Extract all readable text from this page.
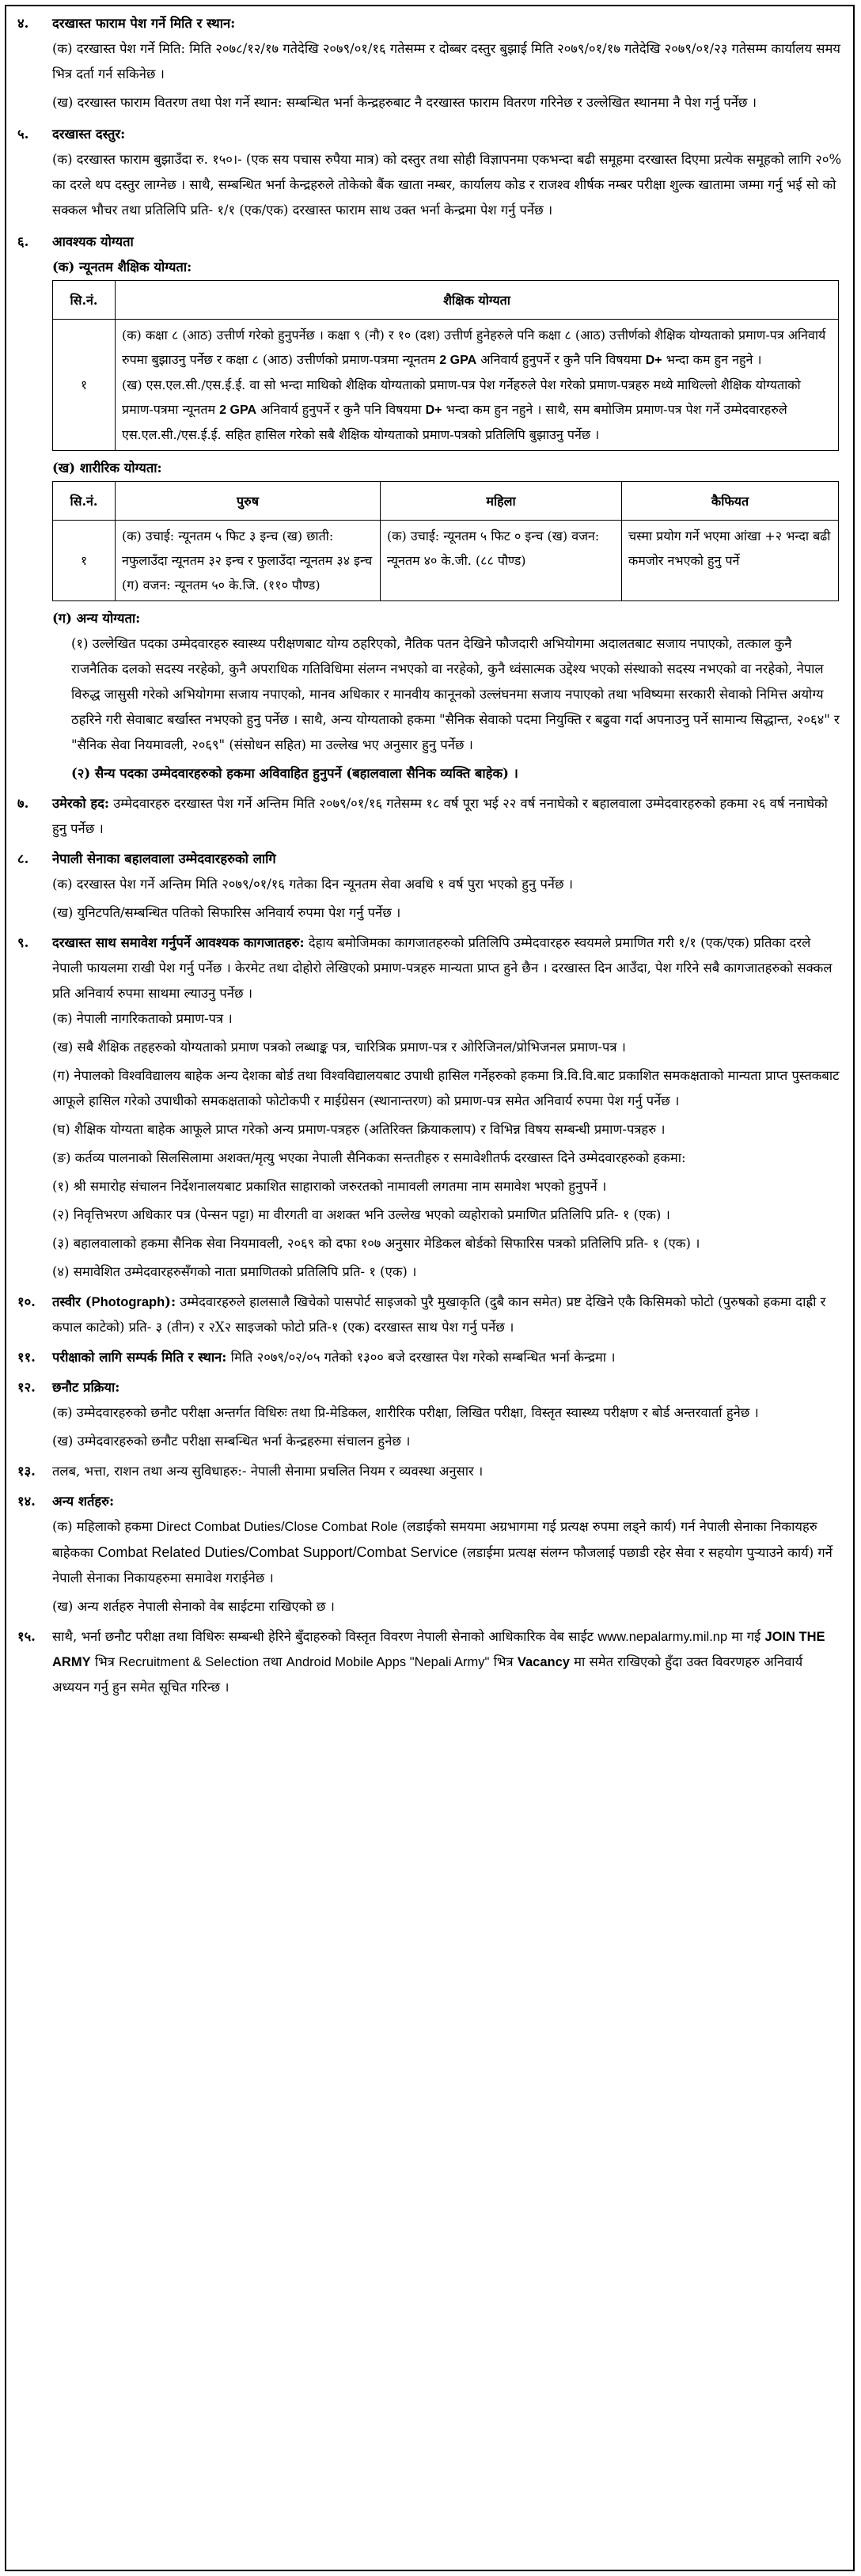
४.	दरखास्त फाराम पेश गर्ने मिति र स्थान:
(क) दरखास्त पेश गर्ने मिति: मिति २०७८/१२/१७ गतेदेखि २०७९/०१/१६ गतेसम्म र दोब्बर दस्तुर बुझाई मिति २०७९/०१/१७ गतेदेखि २०७९/०१/२३ गतेसम्म कार्यालय समय भित्र दर्ता गर्न सकिनेछ ।
(ख) दरखास्त फाराम वितरण तथा पेश गर्ने स्थान: सम्बन्धित भर्ना केन्द्रहरुबाट नै दरखास्त फाराम वितरण गरिनेछ र उल्लेखित स्थानमा नै पेश गर्नु पर्नेछ ।
५.	दरखास्त दस्तुर:
(क) दरखास्त फाराम बुझाउँदा रु. १५०।- (एक सय पचास रुपैया मात्र) को दस्तुर तथा सोही विज्ञापनमा एकभन्दा बढी समूहमा दरखास्त दिएमा प्रत्येक समूहको लागि २०% का दरले थप दस्तुर लाग्नेछ । साथै, सम्बन्धित भर्ना केन्द्रहरुले तोकेको बैंक खाता नम्बर, कार्यालय कोड र राजश्व शीर्षक नम्बर परीक्षा शुल्क खातामा जम्मा गर्नु भई सो को सक्कल भौचर तथा प्रतिलिपि प्रति- १/१ (एक/एक) दरखास्त फाराम साथ उक्त भर्ना केन्द्रमा पेश गर्नु पर्नेछ ।
६.	आवश्यक योग्यता
(क) न्यूनतम शैक्षिक योग्यता:
सि.नं.	शैक्षिक योग्यता
१	(क) कक्षा ८ (आठ) उत्तीर्ण गरेको हुनुपर्नेछ । कक्षा ९ (नौ) र १० (दश) उत्तीर्ण हुनेहरुले पनि कक्षा ८ (आठ) उत्तीर्णको शैक्षिक योग्यताको प्रमाण-पत्र अनिवार्य रुपमा बुझाउनु पर्नेछ र कक्षा ८ (आठ) उत्तीर्णको प्रमाण-पत्रमा न्यूनतम 2 GPA अनिवार्य हुनुपर्ने र कुनै पनि विषयमा D+ भन्दा कम हुन नहुने ।
(ख) एस.एल.सी./एस.ई.ई. वा सो भन्दा माथिको शैक्षिक योग्यताको प्रमाण-पत्र पेश गर्नेहरुले पेश गरेको प्रमाण-पत्रहरु मध्ये माथिल्लो शैक्षिक योग्यताको प्रमाण-पत्रमा न्यूनतम 2 GPA अनिवार्य हुनुपर्ने र कुनै पनि विषयमा D+ भन्दा कम हुन नहुने । साथै, सम बमोजिम प्रमाण-पत्र पेश गर्ने उम्मेदवारहरुले एस.एल.सी./एस.ई.ई. सहित हासिल गरेको सबै शैक्षिक योग्यताको प्रमाण-पत्रको प्रतिलिपि बुझाउनु पर्नेछ ।
(ख) शारीरिक योग्यता:
सि.नं.	पुरुष	महिला	कैफियत
१	(क) उचाई: न्यूनतम ५ फिट ३ इन्च (ख) छाती: नफुलाउँदा न्यूनतम ३२ इन्च र फुलाउँदा न्यूनतम ३४ इन्च (ग) वजन: न्यूनतम ५० के.जि. (११० पौण्ड)	(क) उचाई: न्यूनतम ५ फिट ० इन्च (ख) वजन: न्यूनतम ४० के.जी. (८८ पौण्ड)	चस्मा प्रयोग गर्ने भएमा आंखा +२ भन्दा बढी कमजोर नभएको हुनु पर्ने
(ग) अन्य योग्यता:
(१) उल्लेखित पदका उम्मेदवारहरु स्वास्थ्य परीक्षणबाट योग्य ठहरिएको, नैतिक पतन देखिने फौजदारी अभियोगमा अदालतबाट सजाय नपाएको, तत्काल कुनै राजनैतिक दलको सदस्य नरहेको, कुनै अपराधिक गतिविधिमा संलग्न नभएको वा नरहेको, कुनै ध्वंसात्मक उद्देश्य भएको संस्थाको सदस्य नभएको वा नरहेको, नेपाल विरुद्ध जासुसी गरेको अभियोगमा सजाय नपाएको, मानव अधिकार र मानवीय कानूनको उल्लंघनमा सजाय नपाएको तथा भविष्यमा सरकारी सेवाको निमित्त अयोग्य ठहरिने गरी सेवाबाट बर्खास्त नभएको हुनु पर्नेछ । साथै, अन्य योग्यताको हकमा "सैनिक सेवाको पदमा नियुक्ति र बढुवा गर्दा अपनाउनु पर्ने सामान्य सिद्धान्त, २०६४" र "सैनिक सेवा नियमावली, २०६९" (संसोधन सहित) मा उल्लेख भए अनुसार हुनु पर्नेछ ।
(२) सैन्य पदका उम्मेदवारहरुको हकमा अविवाहित हुनुपर्ने (बहालवाला सैनिक व्यक्ति बाहेक) ।
७.	उमेरको हद: उम्मेदवारहरु दरखास्त पेश गर्ने अन्तिम मिति २०७९/०१/१६ गतेसम्म १८ वर्ष पूरा भई २२ वर्ष ननाघेको र बहालवाला उम्मेदवारहरुको हकमा २६ वर्ष ननाघेको हुनु पर्नेछ ।
८.	नेपाली सेनाका बहालवाला उम्मेदवारहरुको लागि
(क) दरखास्त पेश गर्ने अन्तिम मिति २०७९/०१/१६ गतेका दिन न्यूनतम सेवा अवधि १ वर्ष पुरा भएको हुनु पर्नेछ ।
(ख) युनिटपति/सम्बन्धित पतिको सिफारिस अनिवार्य रुपमा पेश गर्नु पर्नेछ ।
९.	दरखास्त साथ समावेश गर्नुपर्ने आवश्यक कागजातहरु: देहाय बमोजिमका कागजातहरुको प्रतिलिपि उम्मेदवारहरु स्वयमले प्रमाणित गरी १/१ (एक/एक) प्रतिका दरले नेपाली फायलमा राखी पेश गर्नु पर्नेछ । केरमेट तथा दोहोरो लेखिएको प्रमाण-पत्रहरु मान्यता प्राप्त हुने छैन । दरखास्त दिन आउँदा, पेश गरिने सबै कागजातहरुको सक्कल प्रति अनिवार्य रुपमा साथमा ल्याउनु पर्नेछ ।
(क) नेपाली नागरिकताको प्रमाण-पत्र ।
(ख) सबै शैक्षिक तहहरुको योग्यताको प्रमाण पत्रको लब्धाङ्क पत्र, चारित्रिक प्रमाण-पत्र र ओरिजिनल/प्रोभिजनल प्रमाण-पत्र ।
(ग) नेपालको विश्वविद्यालय बाहेक अन्य देशका बोर्ड तथा विश्वविद्यालयबाट उपाधी हासिल गर्नेहरुको हकमा त्रि.वि.वि.बाट प्रकाशित समकक्षताको मान्यता प्राप्त पुस्तकबाट आफूले हासिल गरेको उपाधीको समकक्षताको फोटोकपी र माईग्रेसन (स्थानान्तरण) को प्रमाण-पत्र समेत अनिवार्य रुपमा पेश गर्नु पर्नेछ ।
(घ) शैक्षिक योग्यता बाहेक आफूले प्राप्त गरेको अन्य प्रमाण-पत्रहरु (अतिरिक्त क्रियाकलाप) र विभिन्न विषय सम्बन्धी प्रमाण-पत्रहरु ।
(ङ) कर्तव्य पालनाको सिलसिलामा अशक्त/मृत्यु भएका नेपाली सैनिकका सन्ततीहरु र समावेशीतर्फ दरखास्त दिने उम्मेदवारहरुको हकमा:
(१) श्री समारोह संचालन निर्देशनालयबाट प्रकाशित साहाराको जरुरतको नामावली लगतमा नाम समावेश भएको हुनुपर्ने ।
(२) निवृत्तिभरण अधिकार पत्र (पेन्सन पट्टा) मा वीरगती वा अशक्त भनि उल्लेख भएको व्यहोराको प्रमाणित प्रतिलिपि प्रति- १ (एक) ।
(३) बहालवालाको हकमा सैनिक सेवा नियमावली, २०६९ को दफा १०७ अनुसार मेडिकल बोर्डको सिफारिस पत्रको प्रतिलिपि प्रति- १ (एक) ।
(४) समावेशित उम्मेदवारहरुसँगको नाता प्रमाणितको प्रतिलिपि प्रति- १ (एक) ।
१०.	तस्वीर (Photograph): उम्मेदवारहरुले हालसालै खिचेको पासपोर्ट साइजको पुरै मुखाकृति (दुबै कान समेत) प्रष्ट देखिने एकै किसिमको फोटो (पुरुषको हकमा दाह्री र कपाल काटेको) प्रति- ३ (तीन) र २X२ साइजको फोटो प्रति-१ (एक) दरखास्त साथ पेश गर्नु पर्नेछ ।
११.	परीक्षाको लागि सम्पर्क मिति र स्थान: मिति २०७९/०२/०५ गतेको १३०० बजे दरखास्त पेश गरेको सम्बन्धित भर्ना केन्द्रमा ।
१२.	छनौट प्रक्रिया:
(क) उम्मेदवारहरुको छनौट परीक्षा अन्तर्गत विधिरुः तथा प्रि-मेडिकल, शारीरिक परीक्षा, लिखित परीक्षा, विस्तृत स्वास्थ्य परीक्षण र बोर्ड अन्तरवार्ता हुनेछ ।
(ख) उम्मेदवारहरुको छनौट परीक्षा सम्बन्धित भर्ना केन्द्रहरुमा संचालन हुनेछ ।
१३.	तलब, भत्ता, राशन तथा अन्य सुविधाहरु:- नेपाली सेनामा प्रचलित नियम र व्यवस्था अनुसार ।
१४.	अन्य शर्तहरु:
(क) महिलाको हकमा Direct Combat Duties/Close Combat Role (लडाईको समयमा अग्रभागमा गई प्रत्यक्ष रुपमा लड्ने कार्य) गर्न नेपाली सेनाका निकायहरु बाहेकका Combat Related Duties/Combat Support/Combat Service (लडाईमा प्रत्यक्ष संलग्न फौजलाई पछाडी रहेर सेवा र सहयोग पुऱ्याउने कार्य) गर्ने नेपाली सेनाका निकायहरुमा समावेश गराईनेछ ।
(ख) अन्य शर्तहरु नेपाली सेनाको वेब साईटमा राखिएको छ ।
१५.	साथै, भर्ना छनौट परीक्षा तथा विधिरुः सम्बन्धी हेरिने बुँदाहरुको विस्तृत विवरण नेपाली सेनाको आधिकारिक वेब साईट www.nepalarmy.mil.np मा गई JOIN THE ARMY भित्र Recruitment & Selection तथा Android Mobile Apps "Nepali Army" भित्र Vacancy मा समेत राखिएको हुँदा उक्त विवरणहरु अनिवार्य अध्ययन गर्नु हुन समेत सूचित गरिन्छ ।
